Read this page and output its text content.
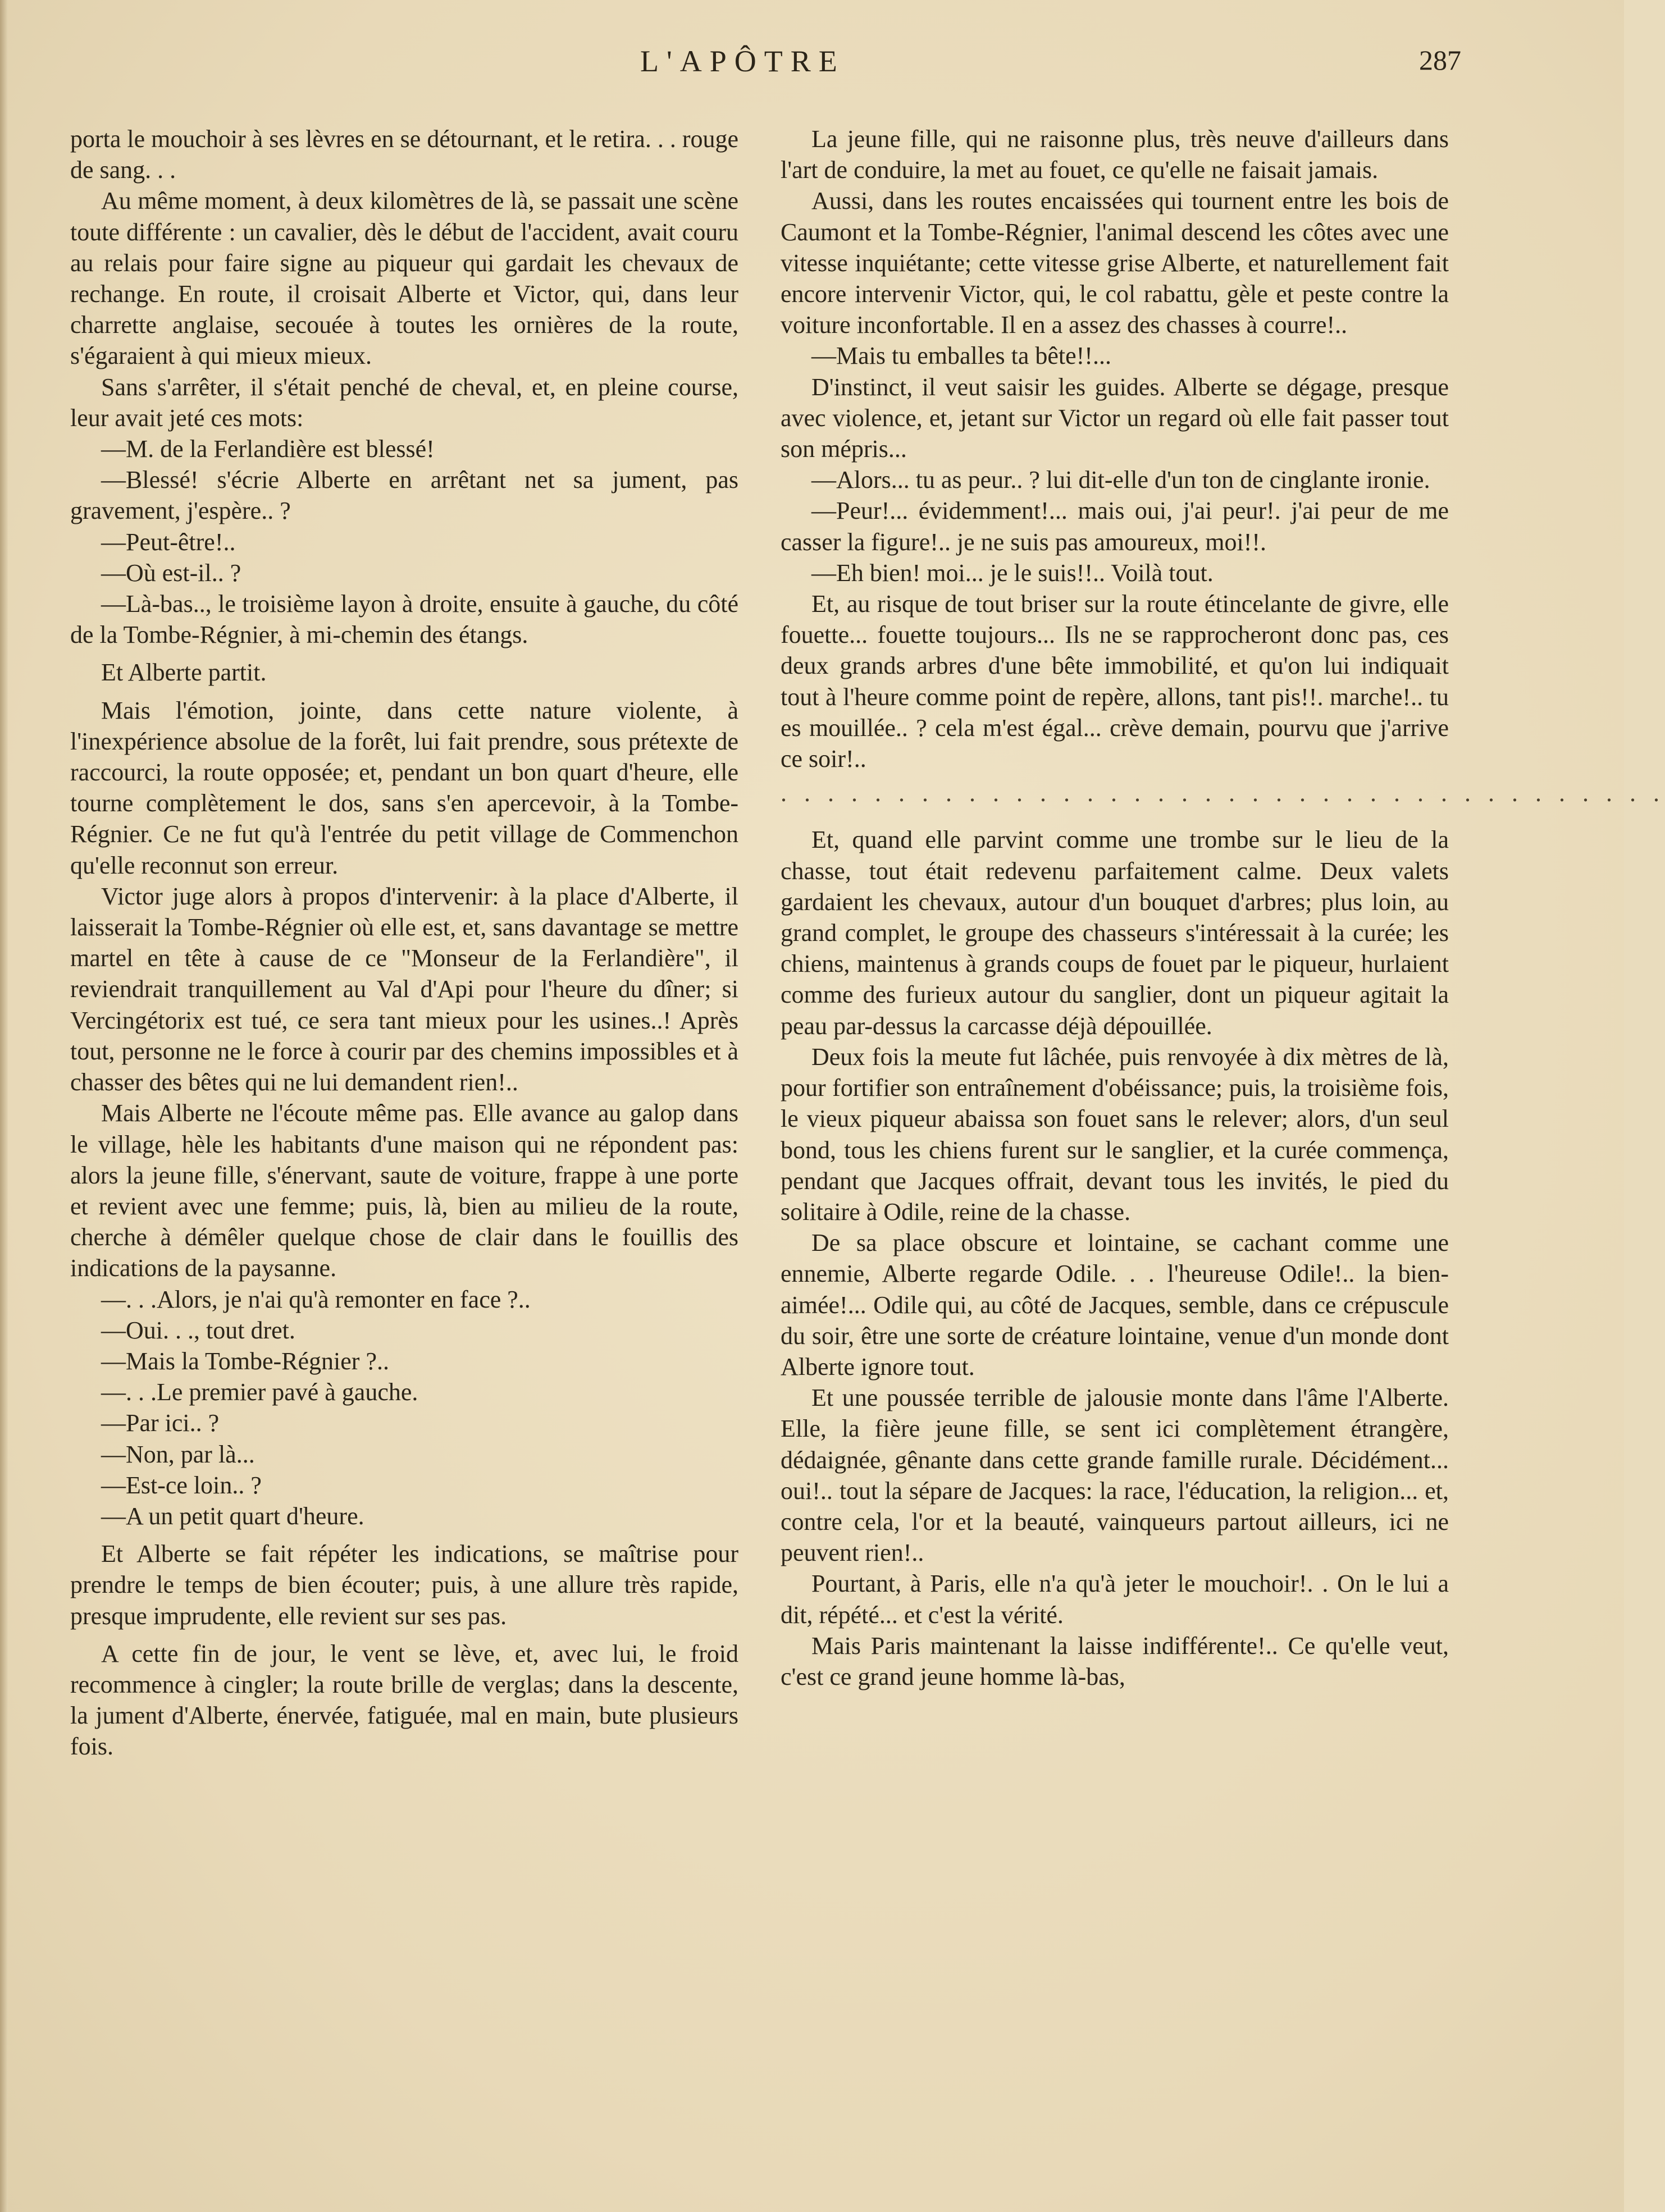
L'APÔTRE	287

porta le mouchoir à ses lèvres en se détournant, et le retira. . . rouge de sang. . .

Au même moment, à deux kilomètres de là, se passait une scène toute différente : un cavalier, dès le début de l'accident, avait couru au relais pour faire signe au piqueur qui gardait les chevaux de rechange. En route, il croisait Alberte et Victor, qui, dans leur charrette anglaise, secouée à toutes les ornières de la route, s'égaraient à qui mieux mieux.

Sans s'arrêter, il s'était penché de cheval, et, en pleine course, leur avait jeté ces mots:

—M. de la Ferlandière est blessé!

—Blessé! s'écrie Alberte en arrêtant net sa jument, pas gravement, j'espère.. ?

—Peut-être!..

—Où est-il.. ?

—Là-bas.., le troisième layon à droite, ensuite à gauche, du côté de la Tombe-Régnier, à mi-chemin des étangs.

Et Alberte partit.

Mais l'émotion, jointe, dans cette nature violente, à l'inexpérience absolue de la forêt, lui fait prendre, sous prétexte de raccourci, la route opposée; et, pendant un bon quart d'heure, elle tourne complètement le dos, sans s'en apercevoir, à la Tombe-Régnier. Ce ne fut qu'à l'entrée du petit village de Commenchon qu'elle reconnut son erreur.

Victor juge alors à propos d'intervenir: à la place d'Alberte, il laisserait la Tombe-Régnier où elle est, et, sans davantage se mettre martel en tête à cause de ce "Monseur de la Ferlandière", il reviendrait tranquillement au Val d'Api pour l'heure du dîner; si Vercingétorix est tué, ce sera tant mieux pour les usines..! Après tout, personne ne le force à courir par des chemins impossibles et à chasser des bêtes qui ne lui demandent rien!..

Mais Alberte ne l'écoute même pas. Elle avance au galop dans le village, hèle les habitants d'une maison qui ne répondent pas: alors la jeune fille, s'énervant, saute de voiture, frappe à une porte et revient avec une femme; puis, là, bien au milieu de la route, cherche à démêler quelque chose de clair dans le fouillis des indications de la paysanne.

—. . .Alors, je n'ai qu'à remonter en face ?..

—Oui. . ., tout dret.

—Mais la Tombe-Régnier ?..

—. . .Le premier pavé à gauche.

—Par ici.. ?

—Non, par là...

—Est-ce loin.. ?

—A un petit quart d'heure.

Et Alberte se fait répéter les indications, se maîtrise pour prendre le temps de bien écouter; puis, à une allure très rapide, presque imprudente, elle revient sur ses pas.

A cette fin de jour, le vent se lève, et, avec lui, le froid recommence à cingler; la route brille de verglas; dans la descente, la jument d'Alberte, énervée, fatiguée, mal en main, bute plusieurs fois.

La jeune fille, qui ne raisonne plus, très neuve d'ailleurs dans l'art de conduire, la met au fouet, ce qu'elle ne faisait jamais.

Aussi, dans les routes encaissées qui tournent entre les bois de Caumont et la Tombe-Régnier, l'animal descend les côtes avec une vitesse inquiétante; cette vitesse grise Alberte, et naturellement fait encore intervenir Victor, qui, le col rabattu, gèle et peste contre la voiture inconfortable. Il en a assez des chasses à courre!..

—Mais tu emballes ta bête!!...

D'instinct, il veut saisir les guides. Alberte se dégage, presque avec violence, et, jetant sur Victor un regard où elle fait passer tout son mépris...

—Alors... tu as peur.. ? lui dit-elle d'un ton de cinglante ironie.

—Peur!... évidemment!... mais oui, j'ai peur!. j'ai peur de me casser la figure!.. je ne suis pas amoureux, moi!!.

—Eh bien! moi... je le suis!!.. Voilà tout.

Et, au risque de tout briser sur la route étincelante de givre, elle fouette... fouette toujours... Ils ne se rapprocheront donc pas, ces deux grands arbres d'une bête immobilité, et qu'on lui indiquait tout à l'heure comme point de repère, allons, tant pis!!. marche!.. tu es mouillée.. ? cela m'est égal... crève demain, pourvu que j'arrive ce soir!..

. . . . . . . . . . . . . . . . . . . . . . . . . . . . . . . . . . . . . .

Et, quand elle parvint comme une trombe sur le lieu de la chasse, tout était redevenu parfaitement calme. Deux valets gardaient les chevaux, autour d'un bouquet d'arbres; plus loin, au grand complet, le groupe des chasseurs s'intéressait à la curée; les chiens, maintenus à grands coups de fouet par le piqueur, hurlaient comme des furieux autour du sanglier, dont un piqueur agitait la peau par-dessus la carcasse déjà dépouillée.

Deux fois la meute fut lâchée, puis renvoyée à dix mètres de là, pour fortifier son entraînement d'obéissance; puis, la troisième fois, le vieux piqueur abaissa son fouet sans le relever; alors, d'un seul bond, tous les chiens furent sur le sanglier, et la curée commença, pendant que Jacques offrait, devant tous les invités, le pied du solitaire à Odile, reine de la chasse.

De sa place obscure et lointaine, se cachant comme une ennemie, Alberte regarde Odile. . . l'heureuse Odile!.. la bien-aimée!... Odile qui, au côté de Jacques, semble, dans ce crépuscule du soir, être une sorte de créature lointaine, venue d'un monde dont Alberte ignore tout.

Et une poussée terrible de jalousie monte dans l'âme l'Alberte. Elle, la fière jeune fille, se sent ici complètement étrangère, dédaignée, gênante dans cette grande famille rurale. Décidément... oui!.. tout la sépare de Jacques: la race, l'éducation, la religion... et, contre cela, l'or et la beauté, vainqueurs partout ailleurs, ici ne peuvent rien!..

Pourtant, à Paris, elle n'a qu'à jeter le mouchoir!. . On le lui a dit, répété... et c'est la vérité.

Mais Paris maintenant la laisse indifférente!.. Ce qu'elle veut, c'est ce grand jeune homme là-bas,
